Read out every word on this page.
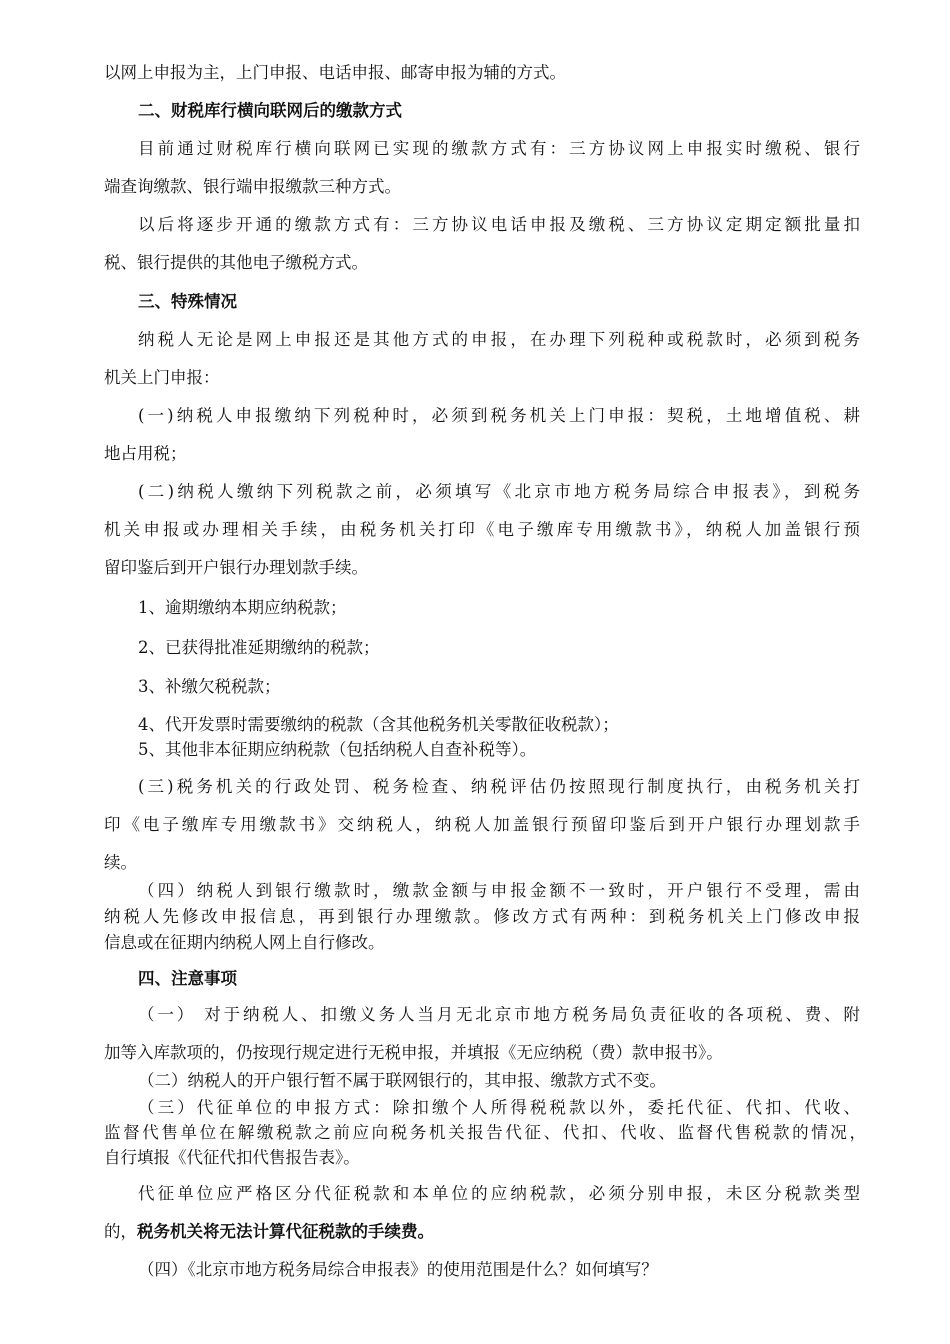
以网上申报为主，上门申报、电话申报、邮寄申报为辅的方式。

二、财税库行横向联网后的缴款方式

目前通过财税库行横向联网已实现的缴款方式有：三方协议网上申报实时缴税、银行

端查询缴款、银行端申报缴款三种方式。

以后将逐步开通的缴款方式有：三方协议电话申报及缴税、三方协议定期定额批量扣

税、银行提供的其他电子缴税方式。

三、特殊情况

纳税人无论是网上申报还是其他方式的申报，在办理下列税种或税款时，必须到税务

机关上门申报：

(一)纳税人申报缴纳下列税种时，必须到税务机关上门申报：契税，土地增值税、耕

地占用税；

(二)纳税人缴纳下列税款之前，必须填写《北京市地方税务局综合申报表》，到税务

机关申报或办理相关手续，由税务机关打印《电子缴库专用缴款书》，纳税人加盖银行预

留印鉴后到开户银行办理划款手续。

1、逾期缴纳本期应纳税款；

2、已获得批准延期缴纳的税款；

3、补缴欠税税款；

4、代开发票时需要缴纳的税款（含其他税务机关零散征收税款）；

5、其他非本征期应纳税款（包括纳税人自查补税等）。

(三)税务机关的行政处罚、税务检查、纳税评估仍按照现行制度执行，由税务机关打

印《电子缴库专用缴款书》交纳税人，纳税人加盖银行预留印鉴后到开户银行办理划款手

续。

（四）纳税人到银行缴款时，缴款金额与申报金额不一致时，开户银行不受理，需由

纳税人先修改申报信息，再到银行办理缴款。修改方式有两种：到税务机关上门修改申报

信息或在征期内纳税人网上自行修改。

四、注意事项

（一） 对于纳税人、扣缴义务人当月无北京市地方税务局负责征收的各项税、费、附

加等入库款项的，仍按现行规定进行无税申报，并填报《无应纳税（费）款申报书》。

（二）纳税人的开户银行暂不属于联网银行的，其申报、缴款方式不变。

（三）代征单位的申报方式：除扣缴个人所得税税款以外，委托代征、代扣、代收、

监督代售单位在解缴税款之前应向税务机关报告代征、代扣、代收、监督代售税款的情况，

自行填报《代征代扣代售报告表》。

代征单位应严格区分代征税款和本单位的应纳税款，必须分别申报，未区分税款类型

的，税务机关将无法计算代征税款的手续费。

（四）《北京市地方税务局综合申报表》的使用范围是什么？如何填写？
